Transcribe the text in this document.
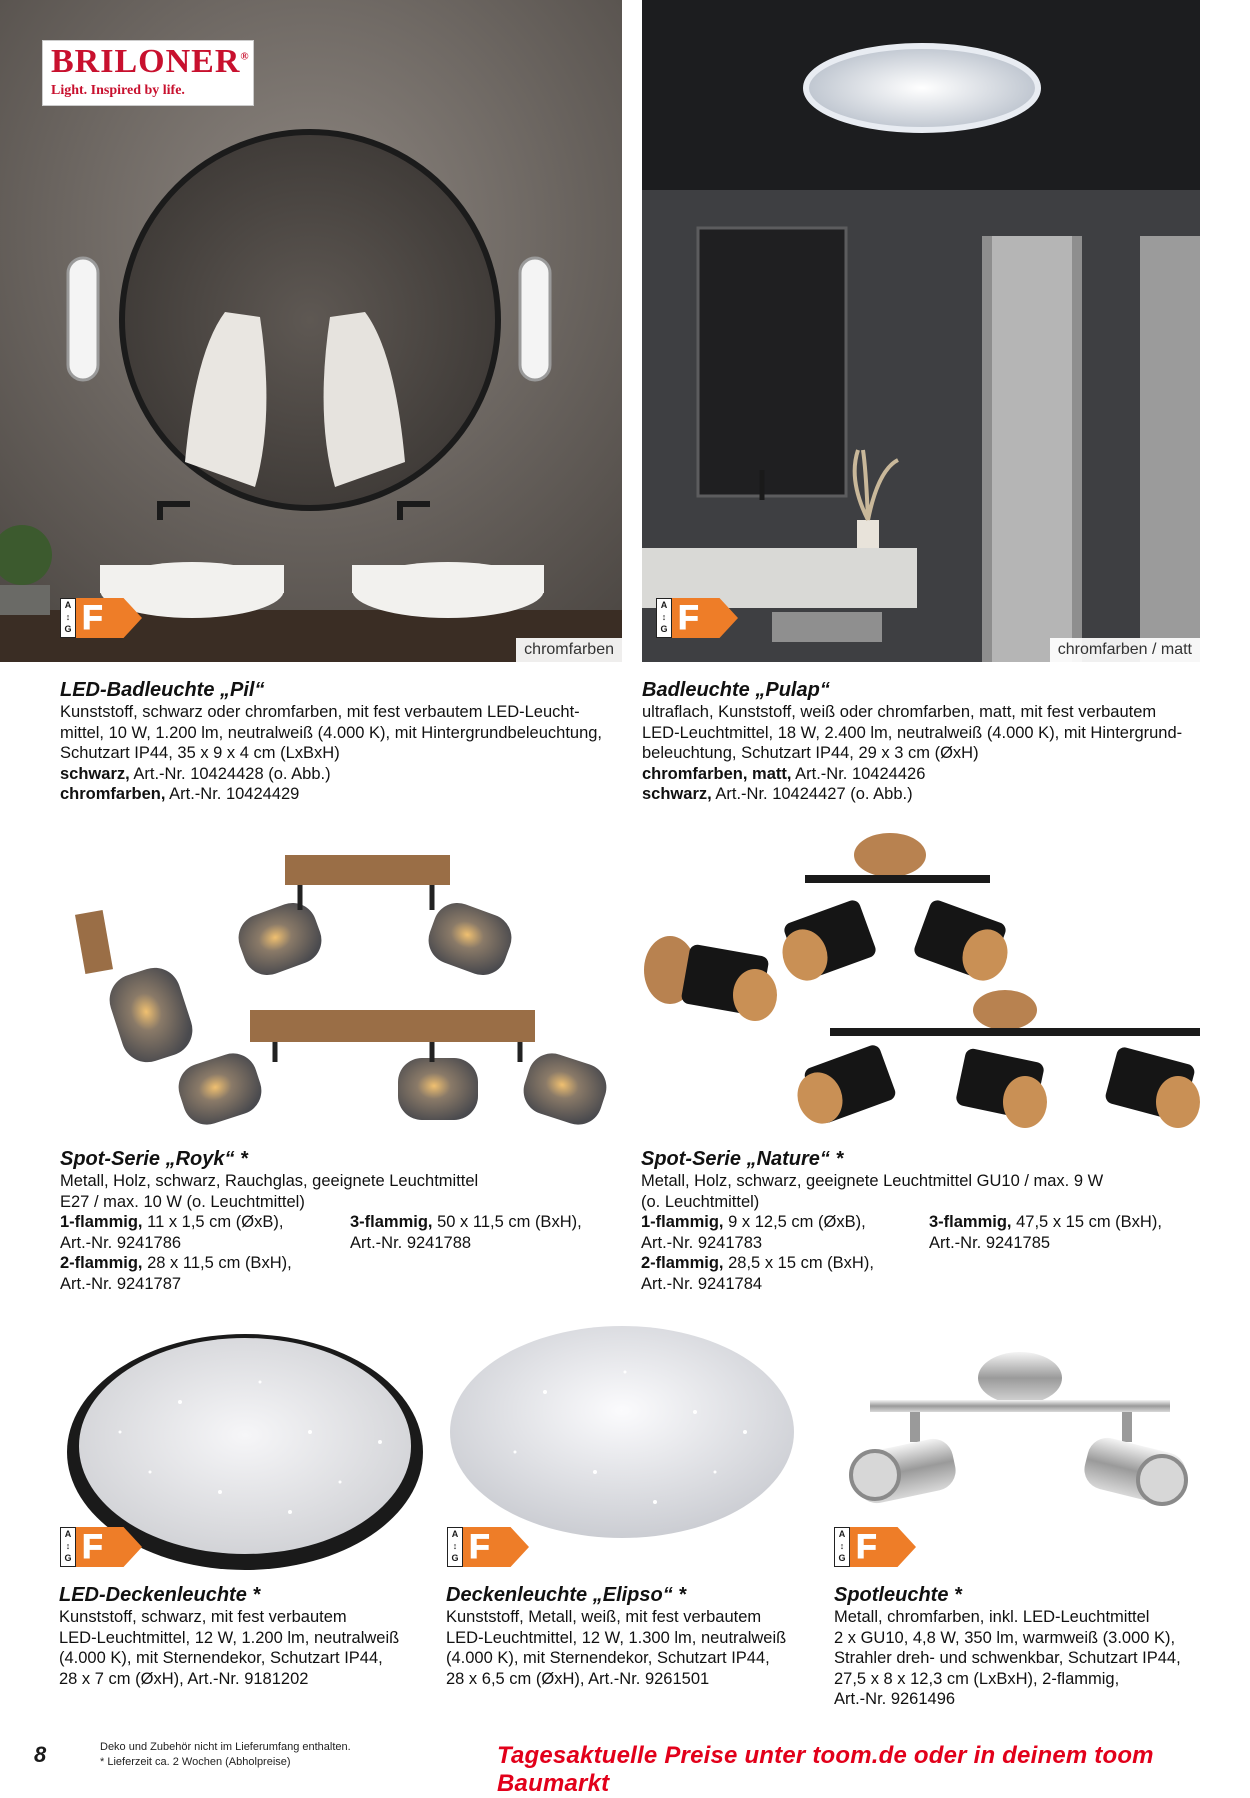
BRILONER®
Light. Inspired by life.
A
↕
G F
chromfarben
A
↕
G F
chromfarben / matt

LED-Badleuchte „Pil“

Kunststoff, schwarz oder chromfarben, mit fest verbautem LED-Leucht-

mittel, 10 W, 1.200 lm, neutralweiß (4.000 K), mit Hintergrundbeleuchtung,

Schutzart IP44, 35 x 9 x 4 cm (LxBxH)

schwarz, Art.-Nr. 10424428 (o. Abb.)

chromfarben, Art.-Nr. 10424429

Badleuchte „Pulap“

ultraflach, Kunststoff, weiß oder chromfarben, matt, mit fest verbautem

LED-Leuchtmittel, 18 W, 2.400 lm, neutralweiß (4.000 K), mit Hintergrund-

beleuchtung, Schutzart IP44, 29 x 3 cm (ØxH)

chromfarben, matt, Art.-Nr. 10424426

schwarz, Art.-Nr. 10424427 (o. Abb.)

Spot-Serie „Royk“ *

Metall, Holz, schwarz, Rauchglas, geeignete Leuchtmittel

E27 / max. 10 W (o. Leuchtmittel)

1-flammig, 11 x 1,5 cm (ØxB),

Art.-Nr. 9241786

2-flammig, 28 x 11,5 cm (BxH),

Art.-Nr. 9241787

3-flammig, 50 x 11,5 cm (BxH),

Art.-Nr. 9241788

Spot-Serie „Nature“ *

Metall, Holz, schwarz, geeignete Leuchtmittel GU10 / max. 9 W

(o. Leuchtmittel)

1-flammig, 9 x 12,5 cm (ØxB),

Art.-Nr. 9241783

2-flammig, 28,5 x 15 cm (BxH),

Art.-Nr. 9241784

3-flammig, 47,5 x 15 cm (BxH),

Art.-Nr. 9241785

A
↕
G F	A
↕
G F	A
↕
G F

LED-Deckenleuchte *

Kunststoff, schwarz, mit fest verbautem

LED-Leuchtmittel, 12 W, 1.200 lm, neutralweiß

(4.000 K), mit Sternendekor, Schutzart IP44,

28 x 7 cm (ØxH), Art.-Nr. 9181202

Deckenleuchte „Elipso“ *

Kunststoff, Metall, weiß, mit fest verbautem

LED-Leuchtmittel, 12 W, 1.300 lm, neutralweiß

(4.000 K), mit Sternendekor, Schutzart IP44,

28 x 6,5 cm (ØxH), Art.-Nr. 9261501

Spotleuchte *

Metall, chromfarben, inkl. LED-Leuchtmittel

2 x GU10, 4,8 W, 350 lm, warmweiß (3.000 K),

Strahler dreh- und schwenkbar, Schutzart IP44,

27,5 x 8 x 12,3 cm (LxBxH), 2-flammig,

Art.-Nr. 9261496

8	Deko und Zubehör nicht im Lieferumfang enthalten.
* Lieferzeit ca. 2 Wochen (Abholpreise)	Tagesaktuelle Preise unter toom.de oder in deinem toom Baumarkt
